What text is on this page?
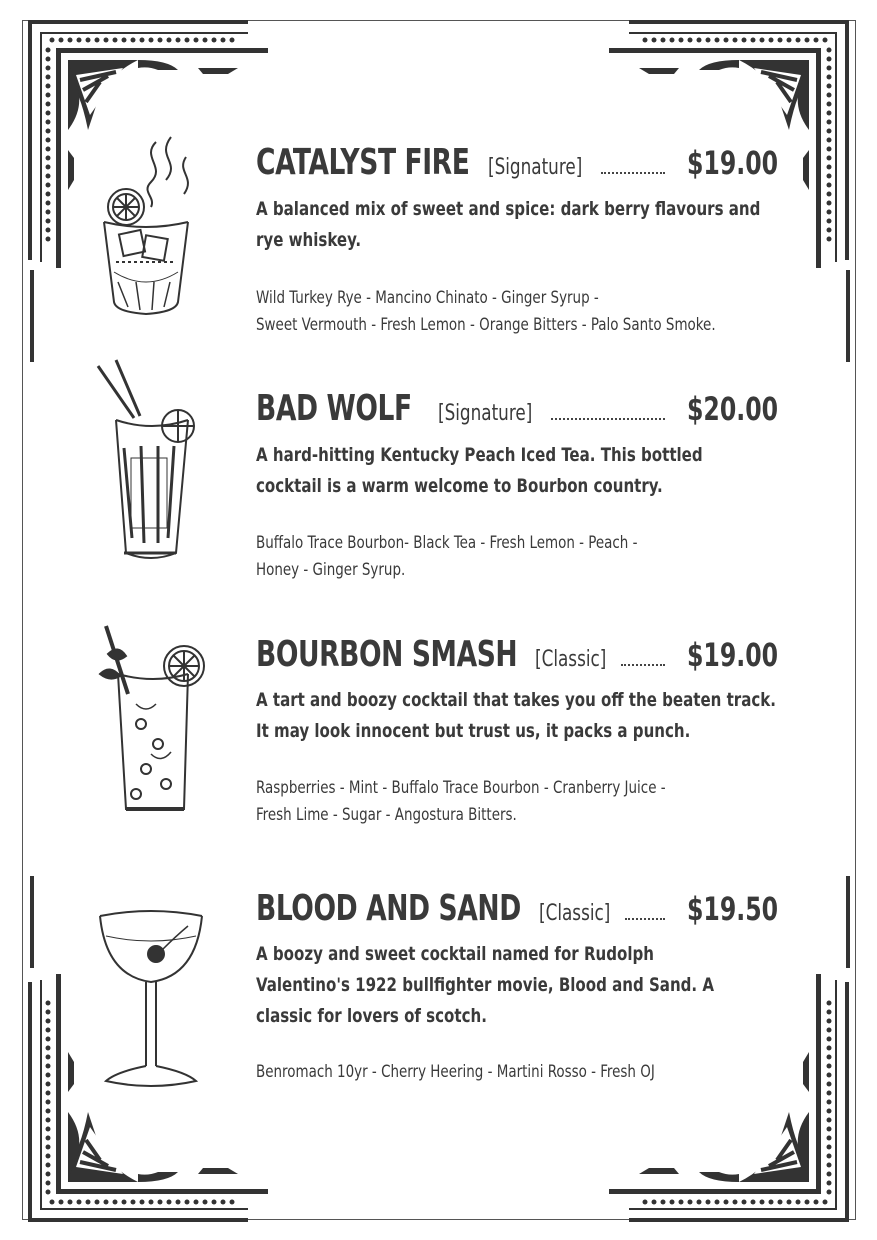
CATALYST FIRE [Signature]	$19.00
A balanced mix of sweet and spice: dark berry flavours and rye whiskey.
Wild Turkey Rye - Mancino Chinato - Ginger Syrup -
Sweet Vermouth - Fresh Lemon - Orange Bitters - Palo Santo Smoke.
BAD WOLF [Signature]	$20.00
A hard-hitting Kentucky Peach Iced Tea. This bottled cocktail is a warm welcome to Bourbon country.
Buffalo Trace Bourbon- Black Tea - Fresh Lemon - Peach -
Honey - Ginger Syrup.
BOURBON SMASH [Classic]	$19.00
A tart and boozy cocktail that takes you off the beaten track. It may look innocent but trust us, it packs a punch.
Raspberries - Mint - Buffalo Trace Bourbon - Cranberry Juice -
Fresh Lime - Sugar - Angostura Bitters.
BLOOD AND SAND [Classic] $19.50
A boozy and sweet cocktail named for Rudolph Valentino's 1922 bullfighter movie, Blood and Sand. A classic for lovers of scotch.
Benromach 10yr - Cherry Heering - Martini Rosso - Fresh OJ
